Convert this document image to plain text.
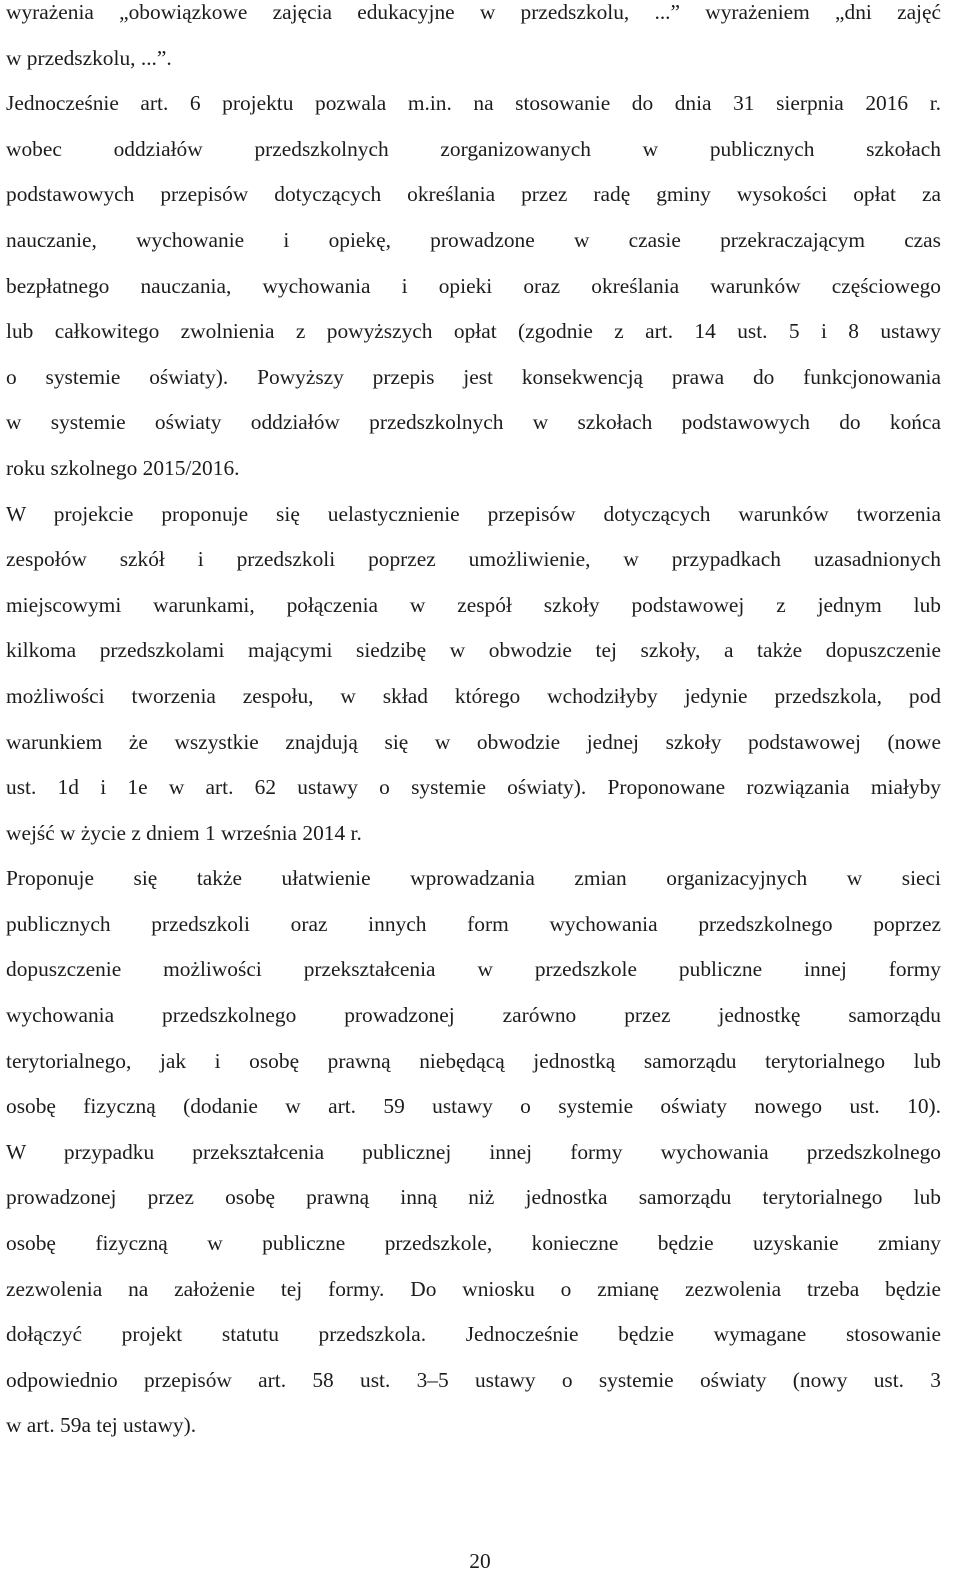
wyrażenia „obowiązkowe zajęcia edukacyjne w przedszkolu, ...” wyrażeniem „dni zajęć
w przedszkolu, ...”.
Jednocześnie art. 6 projektu pozwala m.in. na stosowanie do dnia 31 sierpnia 2016 r.
wobec oddziałów przedszkolnych zorganizowanych w publicznych szkołach
podstawowych przepisów dotyczących określania przez radę gminy wysokości opłat za
nauczanie, wychowanie i opiekę, prowadzone w czasie przekraczającym czas
bezpłatnego nauczania, wychowania i opieki oraz określania warunków częściowego
lub całkowitego zwolnienia z powyższych opłat (zgodnie z art. 14 ust. 5 i 8 ustawy
o systemie oświaty). Powyższy przepis jest konsekwencją prawa do funkcjonowania
w systemie oświaty oddziałów przedszkolnych w szkołach podstawowych do końca
roku szkolnego 2015/2016.
W projekcie proponuje się uelastycznienie przepisów dotyczących warunków tworzenia
zespołów szkół i przedszkoli poprzez umożliwienie, w przypadkach uzasadnionych
miejscowymi warunkami, połączenia w zespół szkoły podstawowej z jednym lub
kilkoma przedszkolami mającymi siedzibę w obwodzie tej szkoły, a także dopuszczenie
możliwości tworzenia zespołu, w skład którego wchodziłyby jedynie przedszkola, pod
warunkiem że wszystkie znajdują się w obwodzie jednej szkoły podstawowej (nowe
ust. 1d i 1e w art. 62 ustawy o systemie oświaty). Proponowane rozwiązania miałyby
wejść w życie z dniem 1 września 2014 r.
Proponuje się także ułatwienie wprowadzania zmian organizacyjnych w sieci
publicznych przedszkoli oraz innych form wychowania przedszkolnego poprzez
dopuszczenie możliwości przekształcenia w przedszkole publiczne innej formy
wychowania przedszkolnego prowadzonej zarówno przez jednostkę samorządu
terytorialnego, jak i osobę prawną niebędącą jednostką samorządu terytorialnego lub
osobę fizyczną (dodanie w art. 59 ustawy o systemie oświaty nowego ust. 10).
W przypadku przekształcenia publicznej innej formy wychowania przedszkolnego
prowadzonej przez osobę prawną inną niż jednostka samorządu terytorialnego lub
osobę fizyczną w publiczne przedszkole, konieczne będzie uzyskanie zmiany
zezwolenia na założenie tej formy. Do wniosku o zmianę zezwolenia trzeba będzie
dołączyć projekt statutu przedszkola. Jednocześnie będzie wymagane stosowanie
odpowiednio przepisów art. 58 ust. 3–5 ustawy o systemie oświaty (nowy ust. 3
w art. 59a tej ustawy).
20
